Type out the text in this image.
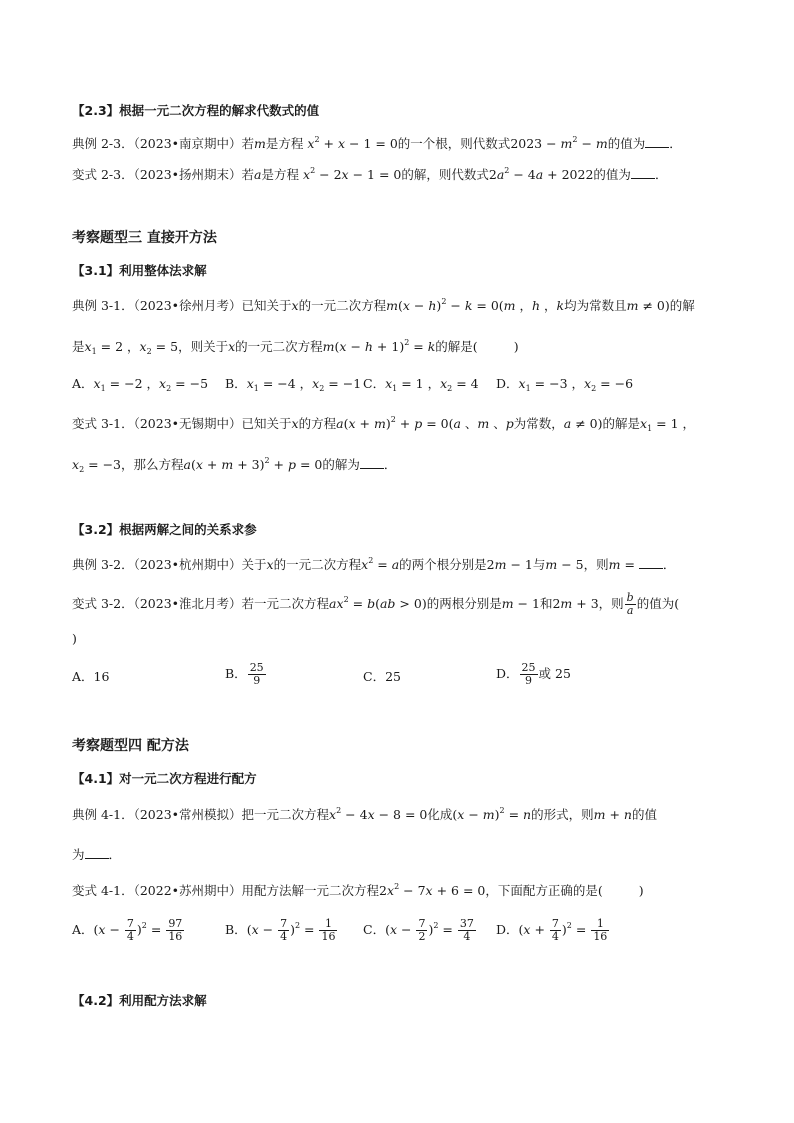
【2.3】根据一元二次方程的解求代数式的值
典例 2-3．（2023•南京期中）若m是方程 $x^2 + x - 1 = 0$的一个根，则代数式$2023 - m^2 - m$的值为 ．
变式 2-3．（2023•扬州期末）若a是方程 $x^2 - 2x - 1 = 0$的解，则代数式$2a^2 - 4a + 2022$的值为 ．
考察题型三 直接开方法
【3.1】利用整体法求解
典例 3-1．（2023•徐州月考）已知关于x的一元二次方程$m(x - h)^2 - k = 0(m$ ，h ，k均为常数且m ≠ 0)的解
是$x_1 = 2$ ，$x_2 = 5$，则关于x的一元二次方程$m(x - h + 1)^2 = k$的解是(	)
A．$x_1 = -2$ ，$x_2 = -5$ B．$x_1 = -4$ ，$x_2 = -1$ C．$x_1 = 1$ ，$x_2 = 4$ D．$x_1 = -3$ ，$x_2 = -6$
变式 3-1．（2023•无锡期中）已知关于x的方程$a(x + m)^2 + p = 0(a$ 、m 、p为常数，a ≠ 0)的解是$x_1 = 1$ ，
$x_2 = -3$，那么方程$a(x + m + 3)^2 + p = 0$的解为 ．
【3.2】根据两解之间的关系求参
典例 3-2．（2023•杭州期中）关于x的一元二次方程$x^2 = a$的两个根分别是2m − 1与m − 5，则m = ．
变式 3-2．（2023•淮北月考）若一元二次方程$ax^2 = b(ab > 0)$的两根分别是m − 1和2m + 3，则 $\frac{b}{a}$ 的值为(
)
A．16	B． $\frac{25}{9}$	C．25	D． $\frac{25}{9}$ 或 25
考察题型四 配方法
【4.1】对一元二次方程进行配方
典例 4-1．（2023•常州模拟）把一元二次方程$x^2 - 4x - 8 = 0$化成$(x - m)^2 = n$的形式，则m + n的值
为 ．
变式 4-1．（2022•苏州期中）用配方法解一元二次方程$2x^2 - 7x + 6 = 0$，下面配方正确的是(	)
A．$(x - \frac{7}{4} )^2 = \frac{97}{16}$	B．$(x - \frac{7}{4} )^2 = \frac{1}{16}$ C．$(x - \frac{7}{2} )^2 = \frac{37}{4}$ D．$(x + \frac{7}{4} )^2 = \frac{1}{16}$
【4.2】利用配方法求解
